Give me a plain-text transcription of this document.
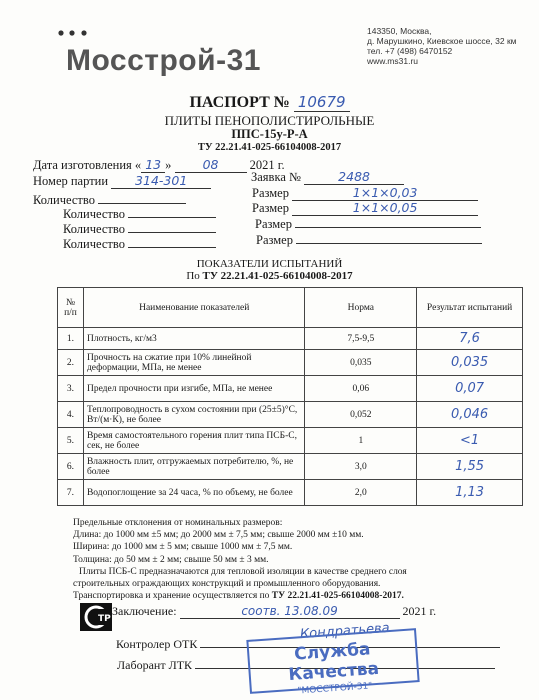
Мосстрой-31
143350, Москва,
д. Марушкино, Киевское шоссе, 32 км
тел. +7 (498) 6470152
www.ms31.ru
ПАСПОРТ № 10679
ПЛИТЫ ПЕНОПОЛИСТИРОЛЬНЫЕ
ППС-15у-Р-А
ТУ 22.21.41-025-66104008-2017
Дата изготовления « 13 » 08 2021 г.
Номер партии 314-301
Количество
Количество
Количество
Количество
Заявка №	2488
Размер	1×1×0,03
Размер	1×1×0,05
Размер
Размер
ПОКАЗАТЕЛИ ИСПЫТАНИЙ
По ТУ 22.21.41-025-66104008-2017
№ п/п	Наименование показателей	Норма	Результат испытаний
1.	Плотность, кг/м3	7,5-9,5	7,6
2.	Прочность на сжатие при 10% линейной деформации, МПа, не менее	0,035	0,035
3.	Предел прочности при изгибе, МПа, не менее	0,06	0,07
4.	Теплопроводность в сухом состоянии при (25±5)°С, Вт/(м·К), не более	0,052	0,046
5.	Время самостоятельного горения плит типа ПСБ-С, сек, не более	1	<1
6.	Влажность плит, отгружаемых потребителю, %, не более	3,0	1,55
7.	Водопоглощение за 24 часа, % по объему, не более	2,0	1,13
Предельные отклонения от номинальных размеров:
Длина: до 1000 мм ±5 мм; до 2000 мм ± 7,5 мм; свыше 2000 мм ±10 мм.
Ширина: до 1000 мм ± 5 мм; свыше 1000 мм ± 7,5 мм.
Толщина: до 50 мм ± 2 мм; свыше 50 мм ± 3 мм.
Плиты ПСБ-С предназначаются для тепловой изоляции в качестве среднего слоя
строительных ограждающих конструкций и промышленного оборудования.
Транспортировка и хранение осуществляется по ТУ 22.21.41-025-66104008-2017.
TP
Заключение:	соотв. 13.08.09	2021 г.
Контролер ОТК
Лаборант ЛТК
Кондратьева
Служба Качества
"МОССТРОЙ-31"
